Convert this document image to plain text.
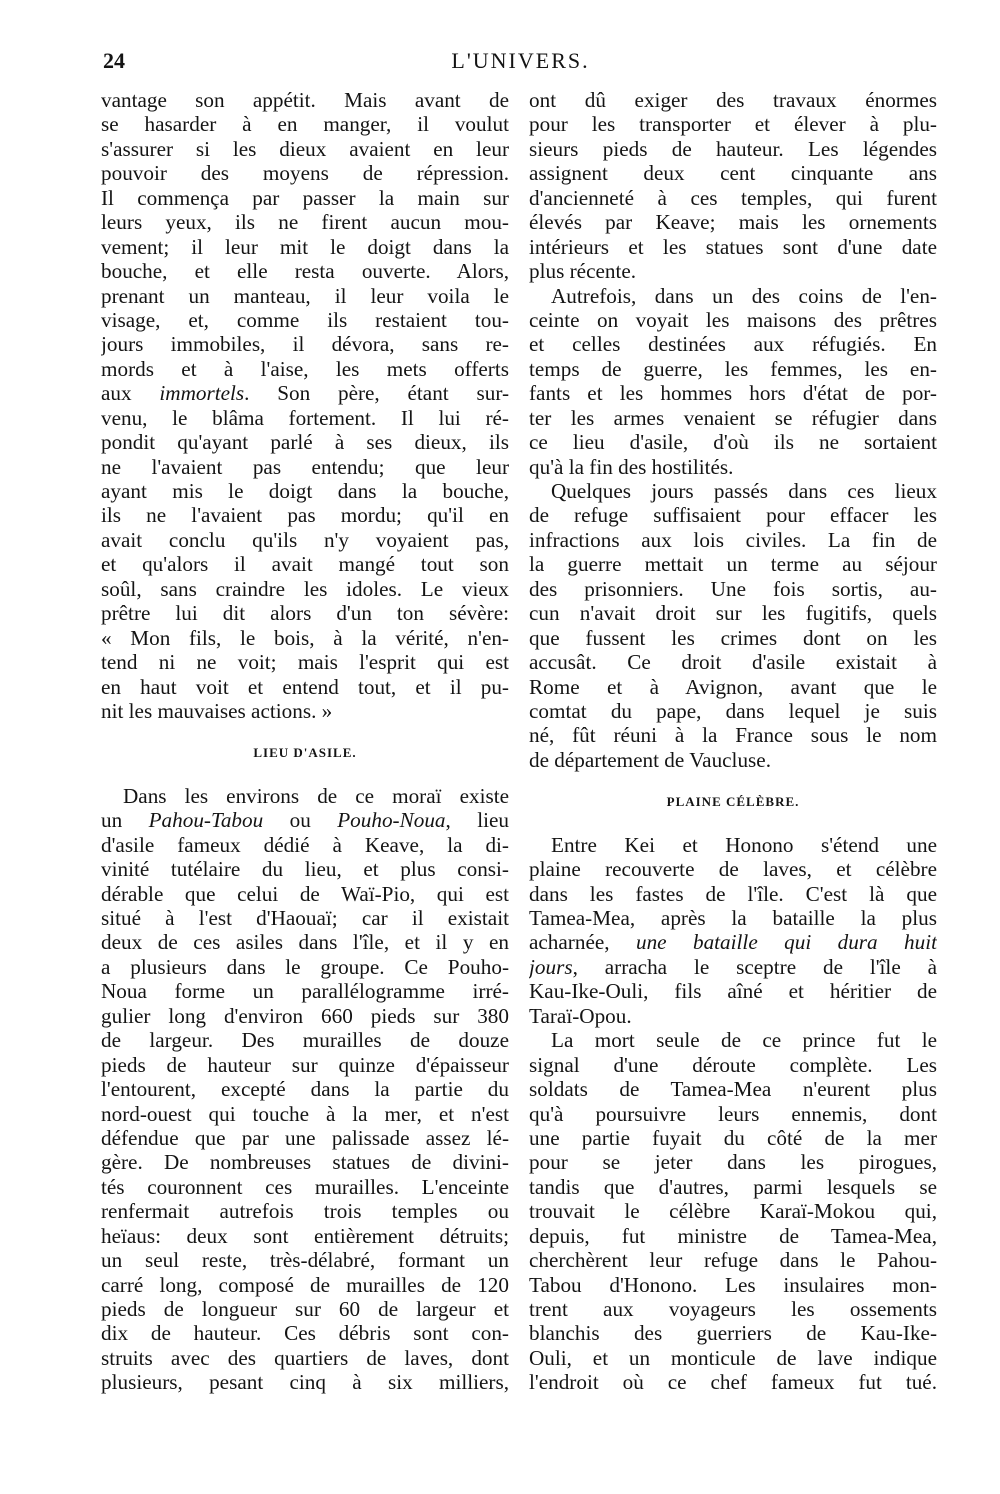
24	L'UNIVERS.
vantage son appétit. Mais avant de
se hasarder à en manger, il voulut
s'assurer si les dieux avaient en leur
pouvoir des moyens de répression.
Il commença par passer la main sur
leurs yeux, ils ne firent aucun mou-
vement; il leur mit le doigt dans la
bouche, et elle resta ouverte. Alors,
prenant un manteau, il leur voila le
visage, et, comme ils restaient tou-
jours immobiles, il dévora, sans re-
mords et à l'aise, les mets offerts
aux immortels. Son père, étant sur-
venu, le blâma fortement. Il lui ré-
pondit qu'ayant parlé à ses dieux, ils
ne l'avaient pas entendu; que leur
ayant mis le doigt dans la bouche,
ils ne l'avaient pas mordu; qu'il en
avait conclu qu'ils n'y voyaient pas,
et qu'alors il avait mangé tout son
soûl, sans craindre les idoles. Le vieux
prêtre lui dit alors d'un ton sévère:
« Mon fils, le bois, à la vérité, n'en-
tend ni ne voit; mais l'esprit qui est
en haut voit et entend tout, et il pu-
nit les mauvaises actions. »
LIEU D'ASILE.
Dans les environs de ce moraï existe
un Pahou-Tabou ou Pouho-Noua, lieu
d'asile fameux dédié à Keave, la di-
vinité tutélaire du lieu, et plus consi-
dérable que celui de Waï-Pio, qui est
situé à l'est d'Haouaï; car il existait
deux de ces asiles dans l'île, et il y en
a plusieurs dans le groupe. Ce Pouho-
Noua forme un parallélogramme irré-
gulier long d'environ 660 pieds sur 380
de largeur. Des murailles de douze
pieds de hauteur sur quinze d'épaisseur
l'entourent, excepté dans la partie du
nord-ouest qui touche à la mer, et n'est
défendue que par une palissade assez lé-
gère. De nombreuses statues de divini-
tés couronnent ces murailles. L'enceinte
renfermait autrefois trois temples ou
heïaus: deux sont entièrement détruits;
un seul reste, très-délabré, formant un
carré long, composé de murailles de 120
pieds de longueur sur 60 de largeur et
dix de hauteur. Ces débris sont con-
struits avec des quartiers de laves, dont
plusieurs, pesant cinq à six milliers,
ont dû exiger des travaux énormes
pour les transporter et élever à plu-
sieurs pieds de hauteur. Les légendes
assignent deux cent cinquante ans
d'ancienneté à ces temples, qui furent
élevés par Keave; mais les ornements
intérieurs et les statues sont d'une date
plus récente.
Autrefois, dans un des coins de l'en-
ceinte on voyait les maisons des prêtres
et celles destinées aux réfugiés. En
temps de guerre, les femmes, les en-
fants et les hommes hors d'état de por-
ter les armes venaient se réfugier dans
ce lieu d'asile, d'où ils ne sortaient
qu'à la fin des hostilités.
Quelques jours passés dans ces lieux
de refuge suffisaient pour effacer les
infractions aux lois civiles. La fin de
la guerre mettait un terme au séjour
des prisonniers. Une fois sortis, au-
cun n'avait droit sur les fugitifs, quels
que fussent les crimes dont on les
accusât. Ce droit d'asile existait à
Rome et à Avignon, avant que le
comtat du pape, dans lequel je suis
né, fût réuni à la France sous le nom
de département de Vaucluse.
PLAINE CÉLÈBRE.
Entre Kei et Honono s'étend une
plaine recouverte de laves, et célèbre
dans les fastes de l'île. C'est là que
Tamea-Mea, après la bataille la plus
acharnée, une bataille qui dura huit
jours, arracha le sceptre de l'île à
Kau-Ike-Ouli, fils aîné et héritier de
Taraï-Opou.
La mort seule de ce prince fut le
signal d'une déroute complète. Les
soldats de Tamea-Mea n'eurent plus
qu'à poursuivre leurs ennemis, dont
une partie fuyait du côté de la mer
pour se jeter dans les pirogues,
tandis que d'autres, parmi lesquels se
trouvait le célèbre Karaï-Mokou qui,
depuis, fut ministre de Tamea-Mea,
cherchèrent leur refuge dans le Pahou-
Tabou d'Honono. Les insulaires mon-
trent aux voyageurs les ossements
blanchis des guerriers de Kau-Ike-
Ouli, et un monticule de lave indique
l'endroit où ce chef fameux fut tué.
